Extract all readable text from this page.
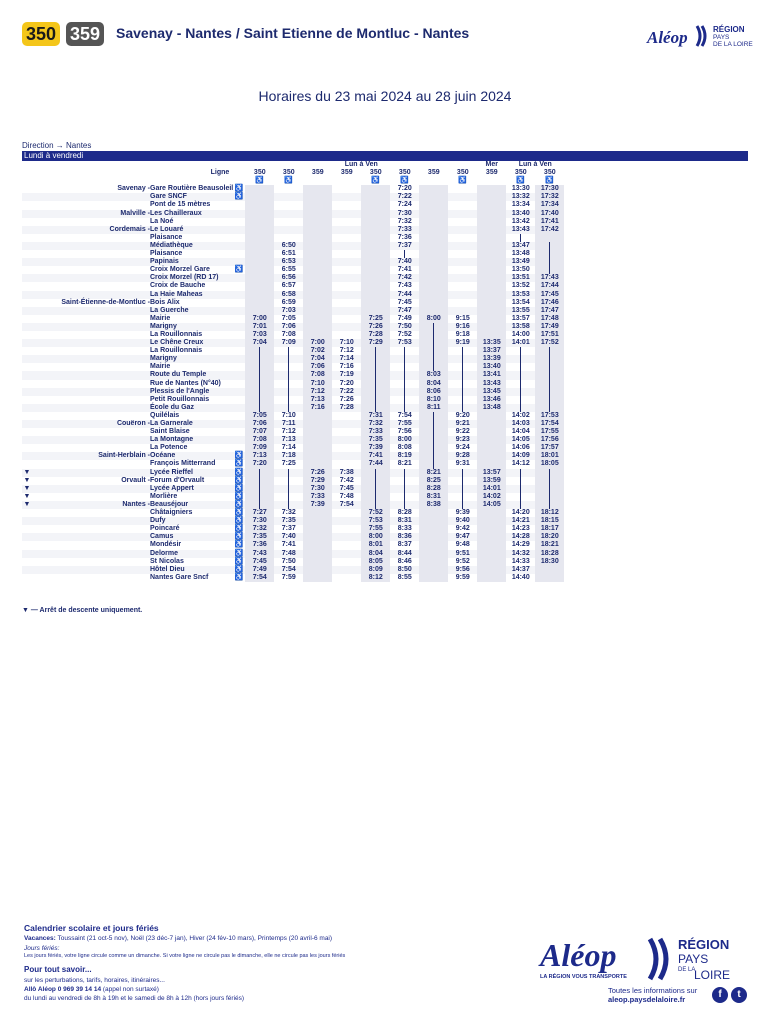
350 359 Savenay - Nantes / Saint Etienne de Montluc - Nantes	Aléop	RÉGION
PAYS
DE LA LOIRE
Horaires du 23 mai 2024 au 28 juin 2024
Direction → Nantes
Lundi à vendredi
				Lun à Ven								Mer	Lun à Ven	
		Ligne		350	350	359	359	350	350	359	350	359	350	350
				♿	♿			♿	♿		♿		♿	♿
	Savenay -	Gare Routière Beausoleil	♿						7:20				13:30	17:30
		Gare SNCF	♿						7:22				13:32	17:32
		Pont de 15 mètres							7:24				13:34	17:34
	Malville -	Les Chailleraux							7:30				13:40	17:40
		La Noé							7:32				13:42	17:41
	Cordemais -	Le Louaré							7:33				13:43	17:42
		Plaisance							7:36					
		Médiathèque			6:50				7:37				13:47	
		Plaisance			6:51								13:48	
		Papinais			6:53				7:40				13:49	
		Croix Morzel Gare	♿		6:55				7:41				13:50	
		Croix Morzel (RD 17)			6:56				7:42				13:51	17:43
		Croix de Bauche			6:57				7:43				13:52	17:44
		La Haie Maheas			6:58				7:44				13:53	17:45
	Saint-Étienne-de-Montluc -	Bois Alix			6:59				7:45				13:54	17:46
		La Guerche			7:03				7:47				13:55	17:47
		Mairie		7:00	7:05			7:25	7:49	8:00	9:15		13:57	17:48
		Marigny		7:01	7:06			7:26	7:50		9:16		13:58	17:49
		La Rouillonnais		7:03	7:08			7:28	7:52		9:18		14:00	17:51
		Le Chêne Creux		7:04	7:09	7:00	7:10	7:29	7:53		9:19	13:35	14:01	17:52
		La Rouillonnais				7:02	7:12					13:37		
		Marigny				7:04	7:14					13:39		
		Mairie				7:06	7:16					13:40		
		Route du Temple				7:08	7:19			8:03		13:41		
		Rue de Nantes (N°40)				7:10	7:20			8:04		13:43		
		Plessis de l'Angle				7:12	7:22			8:06		13:45		
		Petit Rouillonnais				7:13	7:26			8:10		13:46		
		École du Gaz				7:16	7:28			8:11		13:48		
		Quilélais		7:05	7:10			7:31	7:54		9:20		14:02	17:53
	Couëron -	La Garnerale		7:06	7:11			7:32	7:55		9:21		14:03	17:54
		Saint Blaise		7:07	7:12			7:33	7:56		9:22		14:04	17:55
		La Montagne		7:08	7:13			7:35	8:00		9:23		14:05	17:56
		La Potence		7:09	7:14			7:39	8:08		9:24		14:06	17:57
	Saint-Herblain -	Océane	♿	7:13	7:18			7:41	8:19		9:28		14:09	18:01
		François Mitterrand	♿	7:20	7:25			7:44	8:21		9:31		14:12	18:05
▼		Lycée Rieffel	♿			7:26	7:38			8:21		13:57		
▼	Orvault -	Forum d'Orvault	♿			7:29	7:42			8:25		13:59		
▼		Lycée Appert	♿			7:30	7:45			8:28		14:01		
▼		Morlière	♿			7:33	7:48			8:31		14:02		
▼	Nantes -	Beauséjour	♿			7:39	7:54			8:38		14:05		
		Châtaigniers	♿	7:27	7:32			7:52	8:28		9:39		14:20	18:12
		Dufy	♿	7:30	7:35			7:53	8:31		9:40		14:21	18:15
		Poincaré	♿	7:32	7:37			7:55	8:33		9:42		14:23	18:17
		Camus	♿	7:35	7:40			8:00	8:36		9:47		14:28	18:20
		Mondésir	♿	7:36	7:41			8:01	8:37		9:48		14:29	18:21
		Delorme	♿	7:43	7:48			8:04	8:44		9:51		14:32	18:28
		St Nicolas	♿	7:45	7:50			8:05	8:46		9:52		14:33	18:30
		Hôtel Dieu	♿	7:49	7:54			8:09	8:50		9:56		14:37	
		Nantes Gare Sncf	♿	7:54	7:59			8:12	8:55		9:59		14:40	
▼ — Arrêt de descente uniquement.
Calendrier scolaire et jours fériés
Vacances: Toussaint (21 oct-5 nov), Noël (23 déc-7 jan), Hiver (24 fév-10 mars), Printemps (20 avril-6 mai)
Jours fériés:
Les jours fériés, votre ligne circule comme un dimanche. Si votre ligne ne circule pas le dimanche, elle ne circule pas les jours fériés
Pour tout savoir...
sur les perturbations, tarifs, horaires, itinéraires...
Allô Aléop 0 969 39 14 14 (appel non surtaxé)
du lundi au vendredi de 8h à 19h et le samedi de 8h à 12h (hors jours fériés)
Aléop
LA RÉGION VOUS TRANSPORTE
RÉGION
PAYS
DE LA
LOIRE
Toutes les informations sur
aleop.paysdelaloire.fr	f	t
